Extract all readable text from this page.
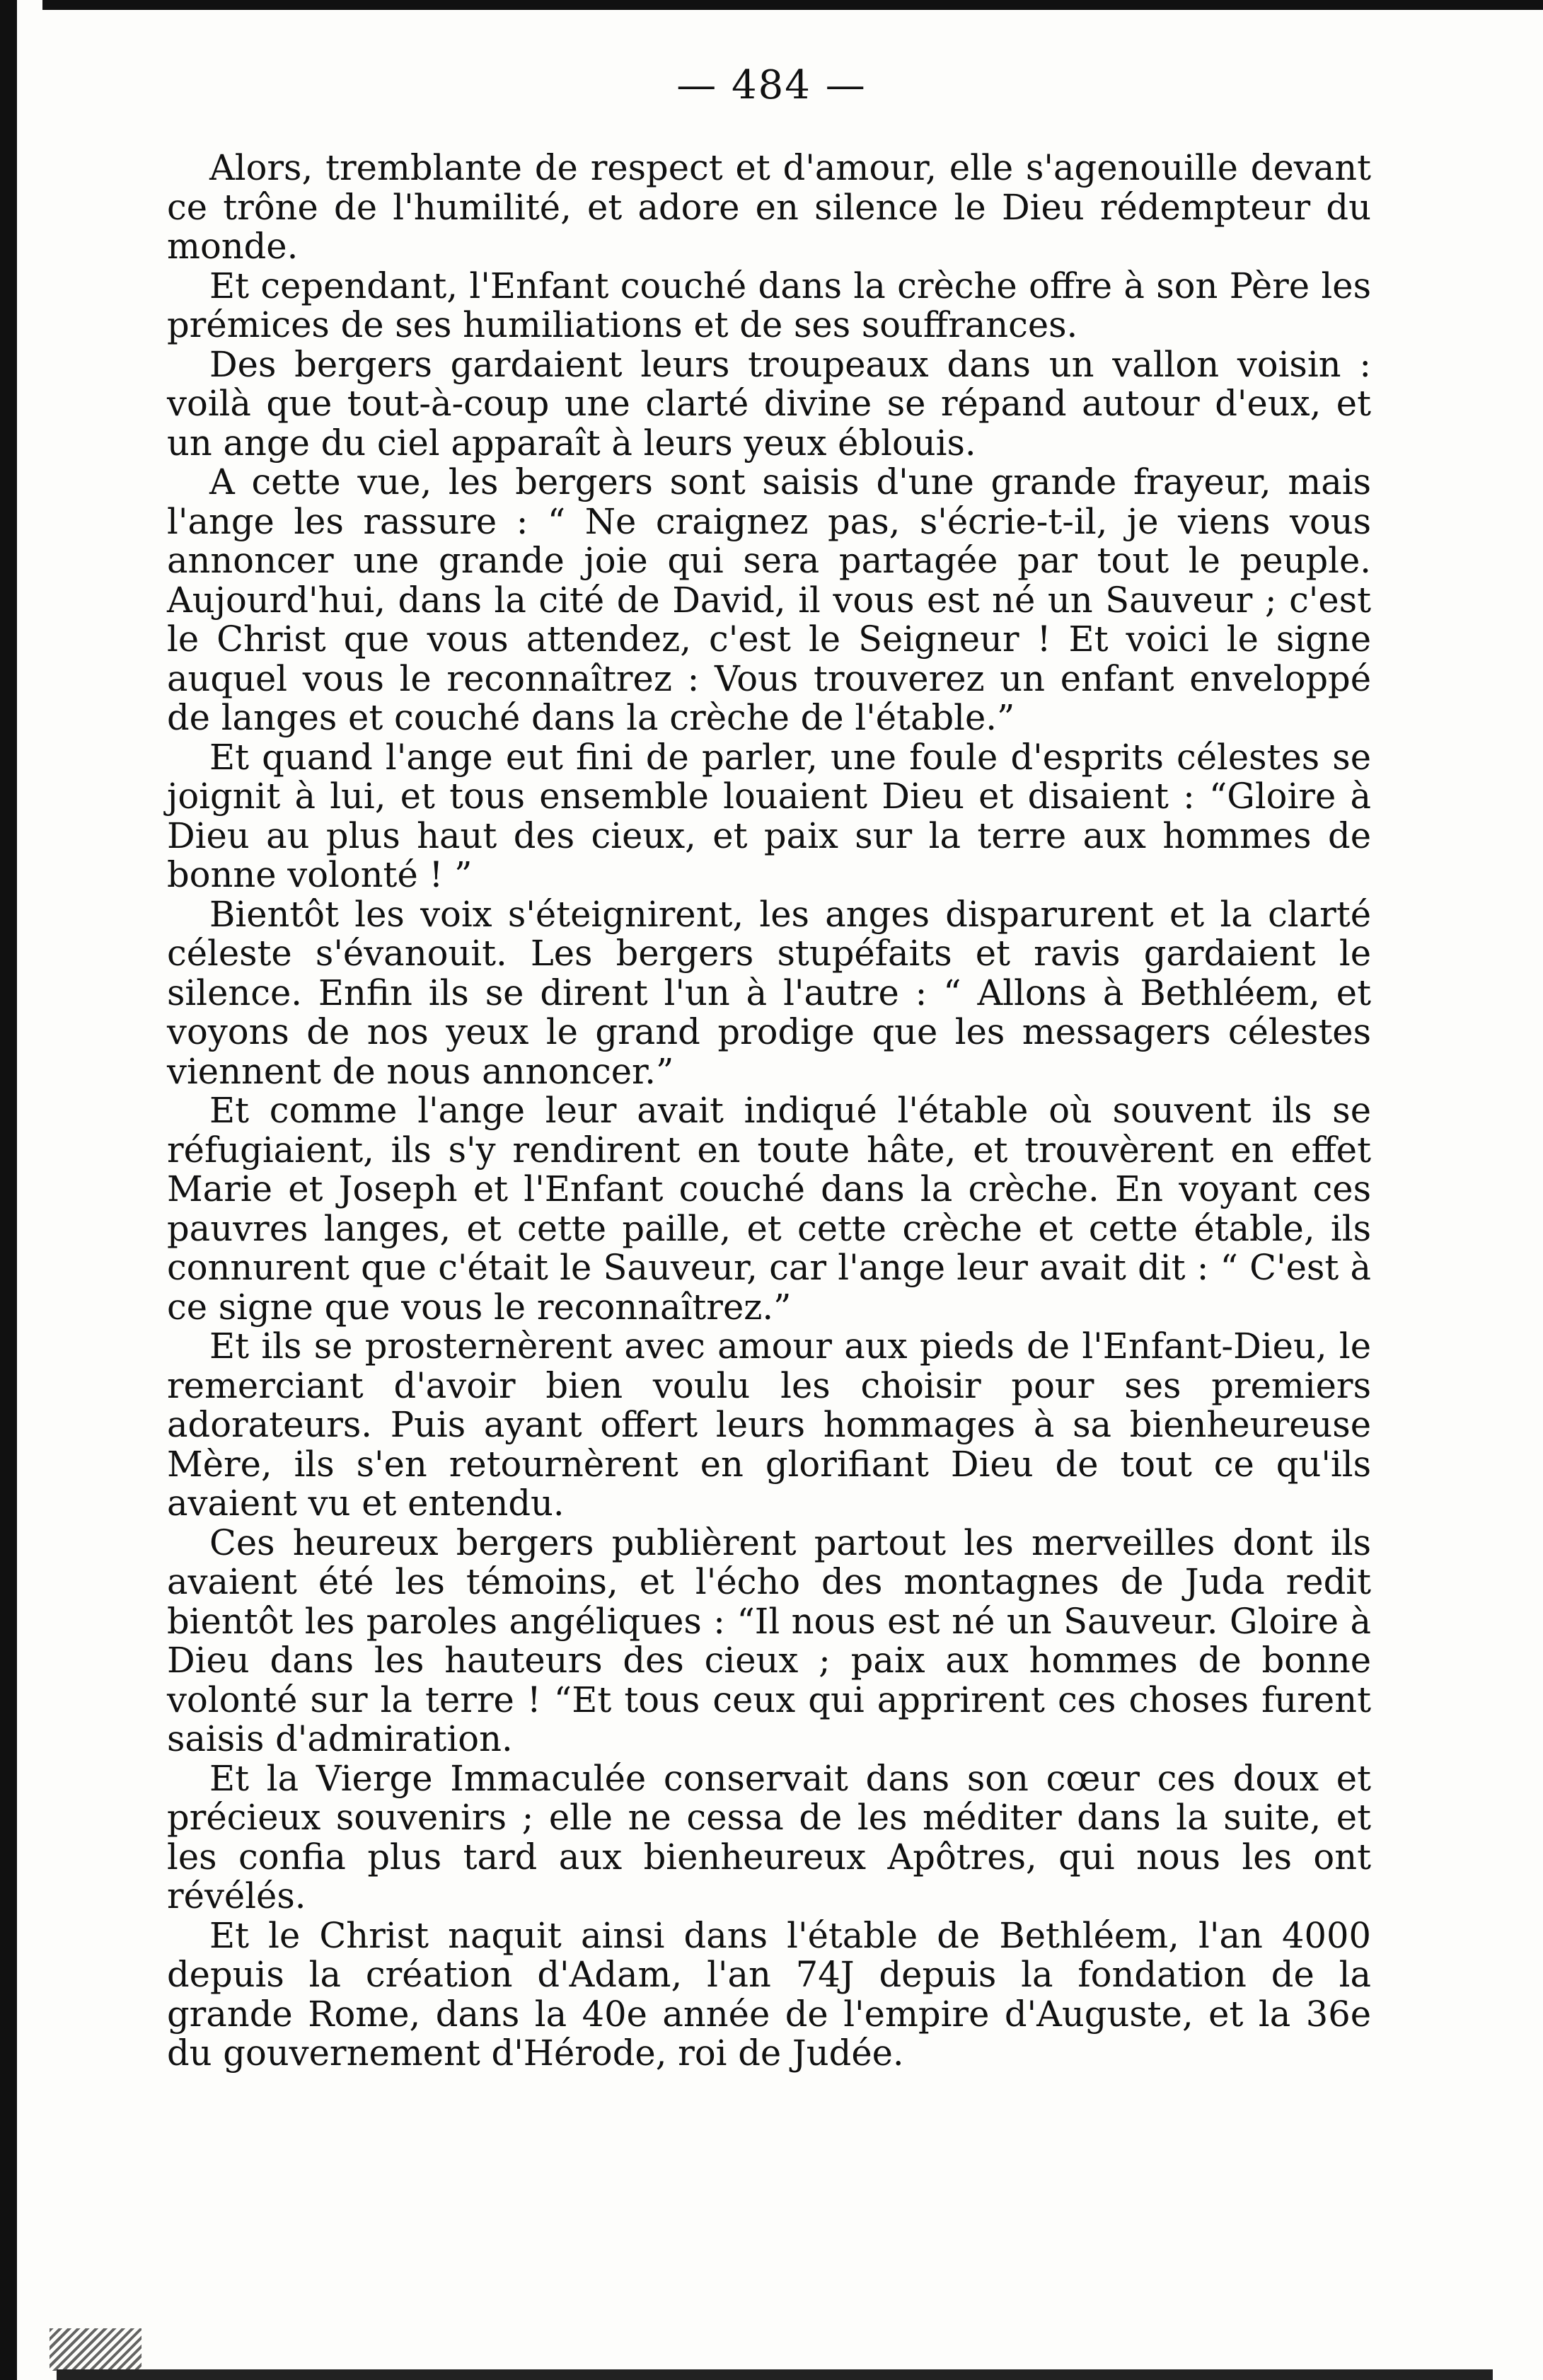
— 484 —

Alors, tremblante de respect et d'amour, elle s'agenouille devant ce trône de l'humilité, et adore en silence le Dieu rédempteur du monde.

Et cependant, l'Enfant couché dans la crèche offre à son Père les prémices de ses humiliations et de ses souffrances.

Des bergers gardaient leurs troupeaux dans un vallon voisin : voilà que tout-à-coup une clarté divine se répand autour d'eux, et un ange du ciel apparaît à leurs yeux éblouis.

A cette vue, les bergers sont saisis d'une grande frayeur, mais l'ange les rassure : “ Ne craignez pas, s'écrie-t-il, je viens vous annoncer une grande joie qui sera partagée par tout le peuple. Aujourd'hui, dans la cité de David, il vous est né un Sauveur ; c'est le Christ que vous attendez, c'est le Seigneur ! Et voici le signe auquel vous le reconnaîtrez : Vous trouverez un enfant enveloppé de langes et couché dans la crèche de l'étable.”

Et quand l'ange eut fini de parler, une foule d'esprits célestes se joignit à lui, et tous ensemble louaient Dieu et disaient : “Gloire à Dieu au plus haut des cieux, et paix sur la terre aux hommes de bonne volonté ! ”

Bientôt les voix s'éteignirent, les anges disparurent et la clarté céleste s'évanouit. Les bergers stupéfaits et ravis gardaient le silence. Enfin ils se dirent l'un à l'autre : “ Allons à Bethléem, et voyons de nos yeux le grand prodige que les messagers célestes viennent de nous annoncer.”

Et comme l'ange leur avait indiqué l'étable où souvent ils se réfugiaient, ils s'y rendirent en toute hâte, et trouvèrent en effet Marie et Joseph et l'Enfant couché dans la crèche. En voyant ces pauvres langes, et cette paille, et cette crèche et cette étable, ils connurent que c'était le Sauveur, car l'ange leur avait dit : “ C'est à ce signe que vous le reconnaîtrez.”

Et ils se prosternèrent avec amour aux pieds de l'Enfant-Dieu, le remerciant d'avoir bien voulu les choisir pour ses premiers adorateurs. Puis ayant offert leurs hommages à sa bienheureuse Mère, ils s'en retournèrent en glorifiant Dieu de tout ce qu'ils avaient vu et entendu.

Ces heureux bergers publièrent partout les merveilles dont ils avaient été les témoins, et l'écho des montagnes de Juda redit bientôt les paroles angéliques : “Il nous est né un Sauveur. Gloire à Dieu dans les hauteurs des cieux ; paix aux hommes de bonne volonté sur la terre ! “Et tous ceux qui apprirent ces choses furent saisis d'admiration.

Et la Vierge Immaculée conservait dans son cœur ces doux et précieux souvenirs ; elle ne cessa de les méditer dans la suite, et les confia plus tard aux bienheureux Apôtres, qui nous les ont révélés.

Et le Christ naquit ainsi dans l'étable de Bethléem, l'an 4000 depuis la création d'Adam, l'an 74J depuis la fondation de la grande Rome, dans la 40e année de l'empire d'Auguste, et la 36e du gouvernement d'Hérode, roi de Judée.
